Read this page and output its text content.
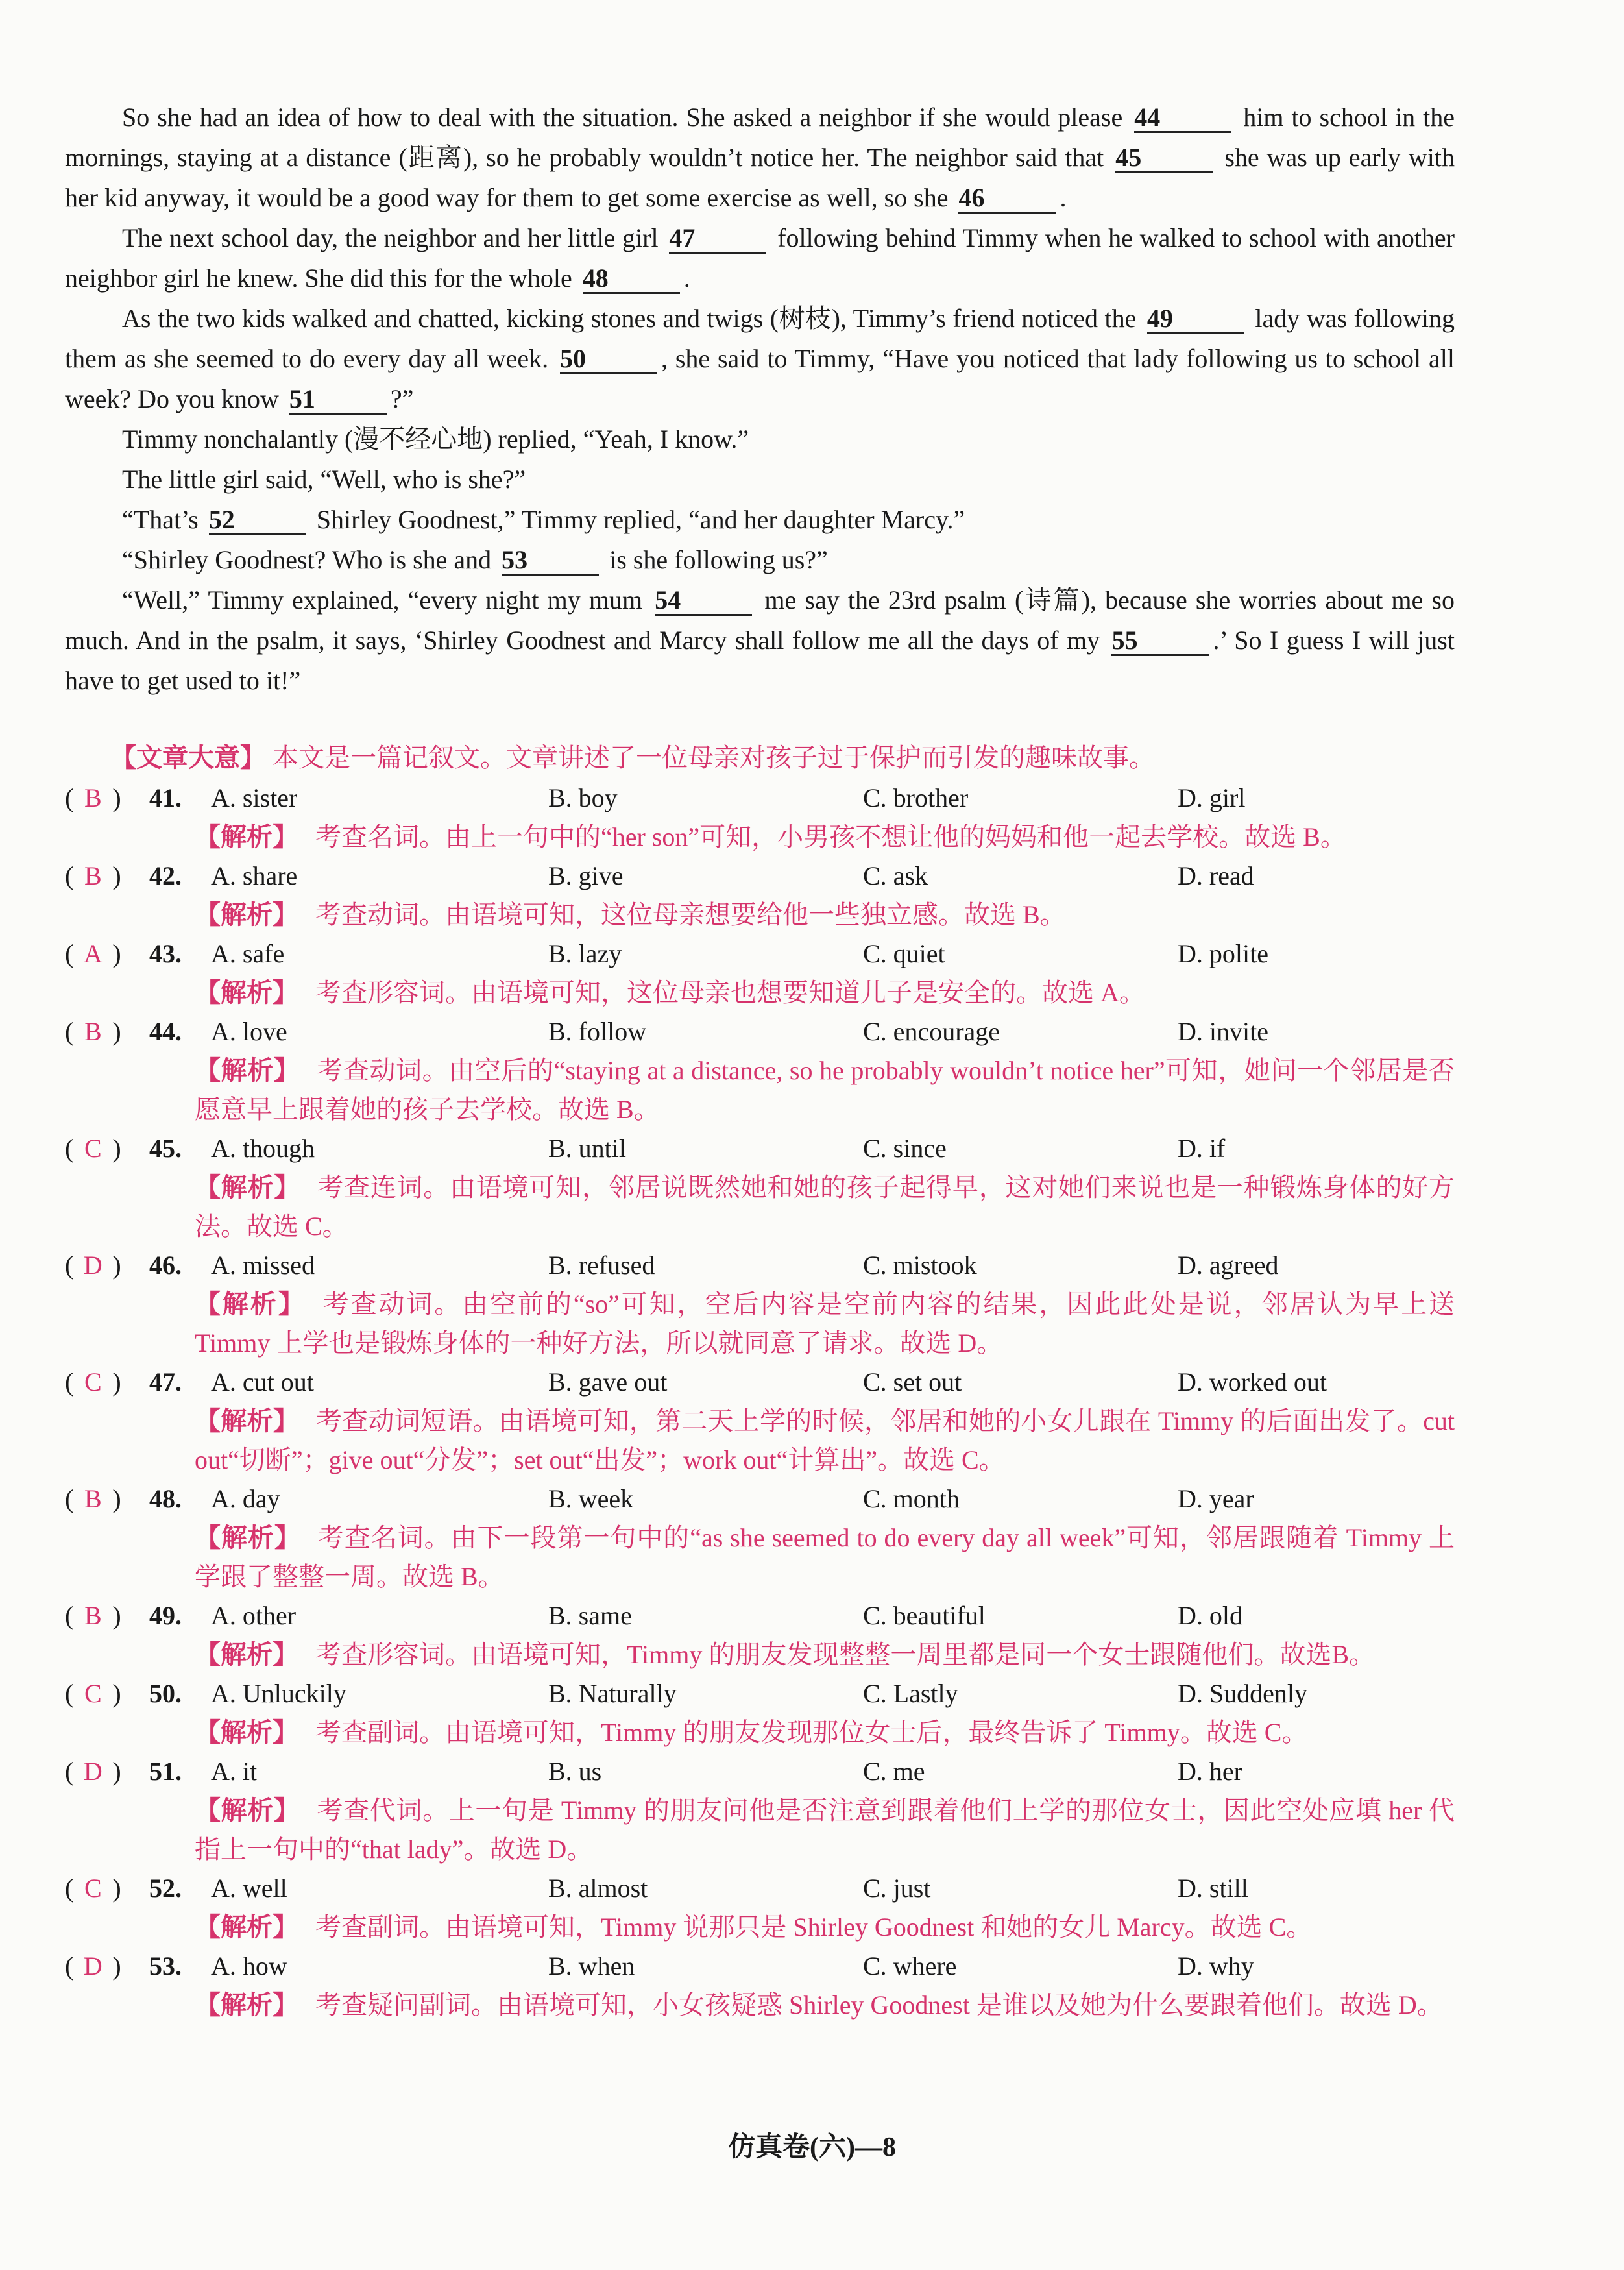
So she had an idea of how to deal with the situation. She asked a neighbor if she would please 44	him to school in the mornings, staying at a distance (距离), so he probably wouldn’t notice her. The neighbor said that 45	she was up early with her kid anyway, it would be a good way for them to get some exercise as well, so she 46	.

The next school day, the neighbor and her little girl 47	following behind Timmy when he walked to school with another neighbor girl he knew. She did this for the whole 48	.

As the two kids walked and chatted, kicking stones and twigs (树枝), Timmy’s friend noticed the 49	lady was following them as she seemed to do every day all week. 50	, she said to Timmy, “Have you noticed that lady following us to school all week? Do you know 51	?”

Timmy nonchalantly (漫不经心地) replied, “Yeah, I know.”

The little girl said, “Well, who is she?”

“That’s 52	Shirley Goodnest,” Timmy replied, “and her daughter Marcy.”

“Shirley Goodnest? Who is she and 53	is she following us?”

“Well,” Timmy explained, “every night my mum 54	me say the 23rd psalm (诗篇), because she worries about me so much. And in the psalm, it says, ‘Shirley Goodnest and Marcy shall follow me all the days of my 55	.’ So I guess I will just have to get used to it!”

【文章大意】 本文是一篇记叙文。文章讲述了一位母亲对孩子过于保护而引发的趣味故事。
( B )	41. A. sister	B. boy	C. brother	D. girl
【解析】 考查名词。由上一句中的“her son”可知，小男孩不想让他的妈妈和他一起去学校。故选 B。
( B )	42. A. share	B. give	C. ask	D. read
【解析】 考查动词。由语境可知，这位母亲想要给他一些独立感。故选 B。
( A )	43. A. safe	B. lazy	C. quiet	D. polite
【解析】 考查形容词。由语境可知，这位母亲也想要知道儿子是安全的。故选 A。
( B )	44. A. love	B. follow	C. encourage	D. invite
【解析】 考查动词。由空后的“staying at a distance, so he probably wouldn’t notice her”可知，她问一个邻居是否愿意早上跟着她的孩子去学校。故选 B。
( C )	45. A. though	B. until	C. since	D. if
【解析】 考查连词。由语境可知，邻居说既然她和她的孩子起得早，这对她们来说也是一种锻炼身体的好方法。故选 C。
( D )	46. A. missed	B. refused	C. mistook	D. agreed
【解析】 考查动词。由空前的“so”可知，空后内容是空前内容的结果，因此此处是说，邻居认为早上送 Timmy 上学也是锻炼身体的一种好方法，所以就同意了请求。故选 D。
( C )	47. A. cut out	B. gave out	C. set out	D. worked out
【解析】 考查动词短语。由语境可知，第二天上学的时候，邻居和她的小女儿跟在 Timmy 的后面出发了。cut out“切断”；give out“分发”；set out“出发”；work out“计算出”。故选 C。
( B )	48. A. day	B. week	C. month	D. year
【解析】 考查名词。由下一段第一句中的“as she seemed to do every day all week”可知，邻居跟随着 Timmy 上学跟了整整一周。故选 B。
( B )	49. A. other	B. same	C. beautiful	D. old
【解析】 考查形容词。由语境可知，Timmy 的朋友发现整整一周里都是同一个女士跟随他们。故选B。
( C )	50. A. Unluckily	B. Naturally	C. Lastly	D. Suddenly
【解析】 考查副词。由语境可知，Timmy 的朋友发现那位女士后，最终告诉了 Timmy。故选 C。
( D )	51. A. it	B. us	C. me	D. her
【解析】 考查代词。上一句是 Timmy 的朋友问他是否注意到跟着他们上学的那位女士，因此空处应填 her 代指上一句中的“that lady”。故选 D。
( C )	52. A. well	B. almost	C. just	D. still
【解析】 考查副词。由语境可知，Timmy 说那只是 Shirley Goodnest 和她的女儿 Marcy。故选 C。
( D )	53. A. how	B. when	C. where	D. why
【解析】 考查疑问副词。由语境可知，小女孩疑惑 Shirley Goodnest 是谁以及她为什么要跟着他们。故选 D。
仿真卷(六)—8
